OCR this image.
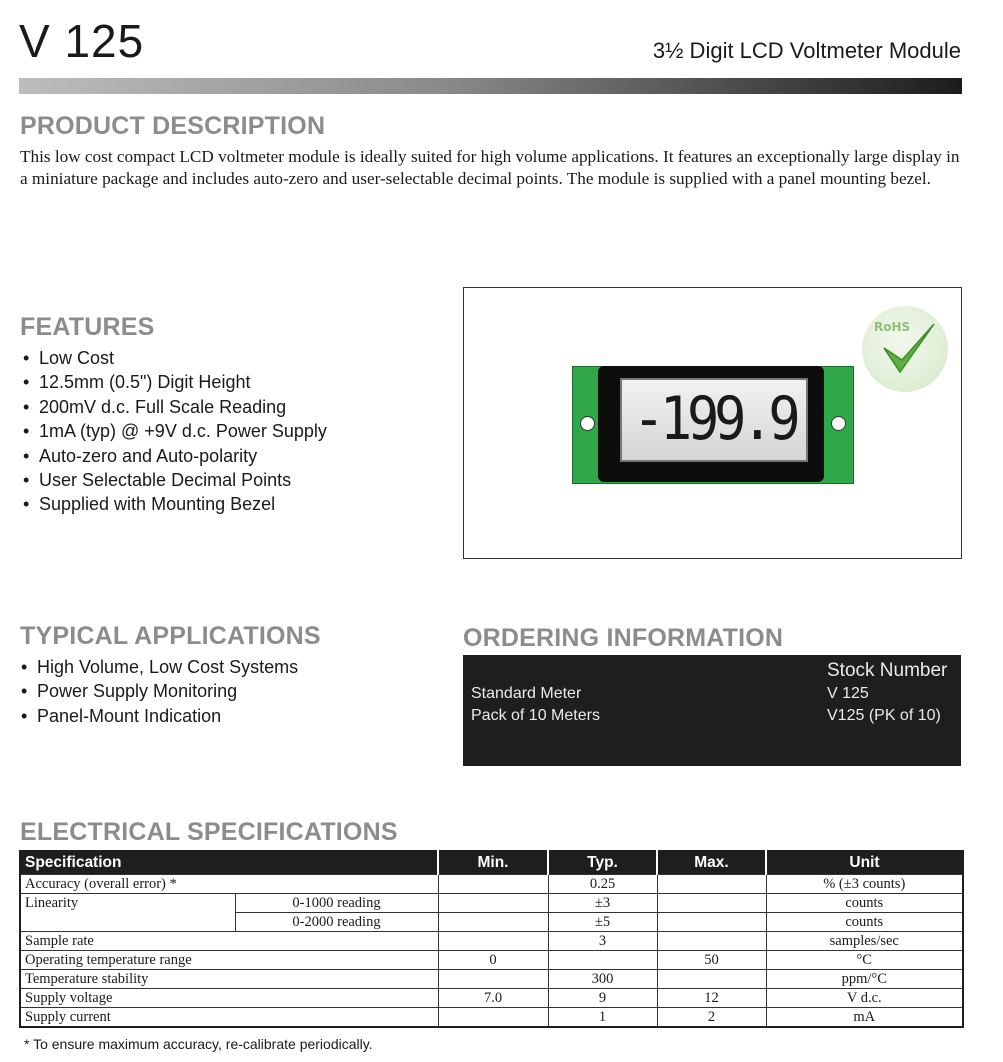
V 125	3½ Digit LCD Voltmeter Module
PRODUCT DESCRIPTION
This low cost compact LCD voltmeter module is ideally suited for high volume applications. It features an exceptionally large display in a miniature package and includes auto-zero and user-selectable decimal points. The module is supplied with a panel mounting bezel.
FEATURES
• Low Cost
• 12.5mm (0.5") Digit Height
• 200mV d.c. Full Scale Reading
• 1mA (typ) @ +9V d.c. Power Supply
• Auto-zero and Auto-polarity
• User Selectable Decimal Points
• Supplied with Mounting Bezel
RoHS
-199.9
TYPICAL APPLICATIONS
• High Volume, Low Cost Systems
• Power Supply Monitoring
• Panel-Mount Indication
ORDERING INFORMATION
Stock Number
Standard Meter	V 125
Pack of 10 Meters	V125 (PK of 10)
ELECTRICAL SPECIFICATIONS
Specification		Min.	Typ.	Max.	Unit
Accuracy (overall error) *			0.25		% (±3 counts)
Linearity	0-1000 reading		±3		counts
	0-2000 reading		±5		counts
Sample rate			3		samples/sec
Operating temperature range		0		50	°C
Temperature stability			300		ppm/°C
Supply voltage		7.0	9	12	V d.c.
Supply current			1	2	mA
* To ensure maximum accuracy, re-calibrate periodically.
